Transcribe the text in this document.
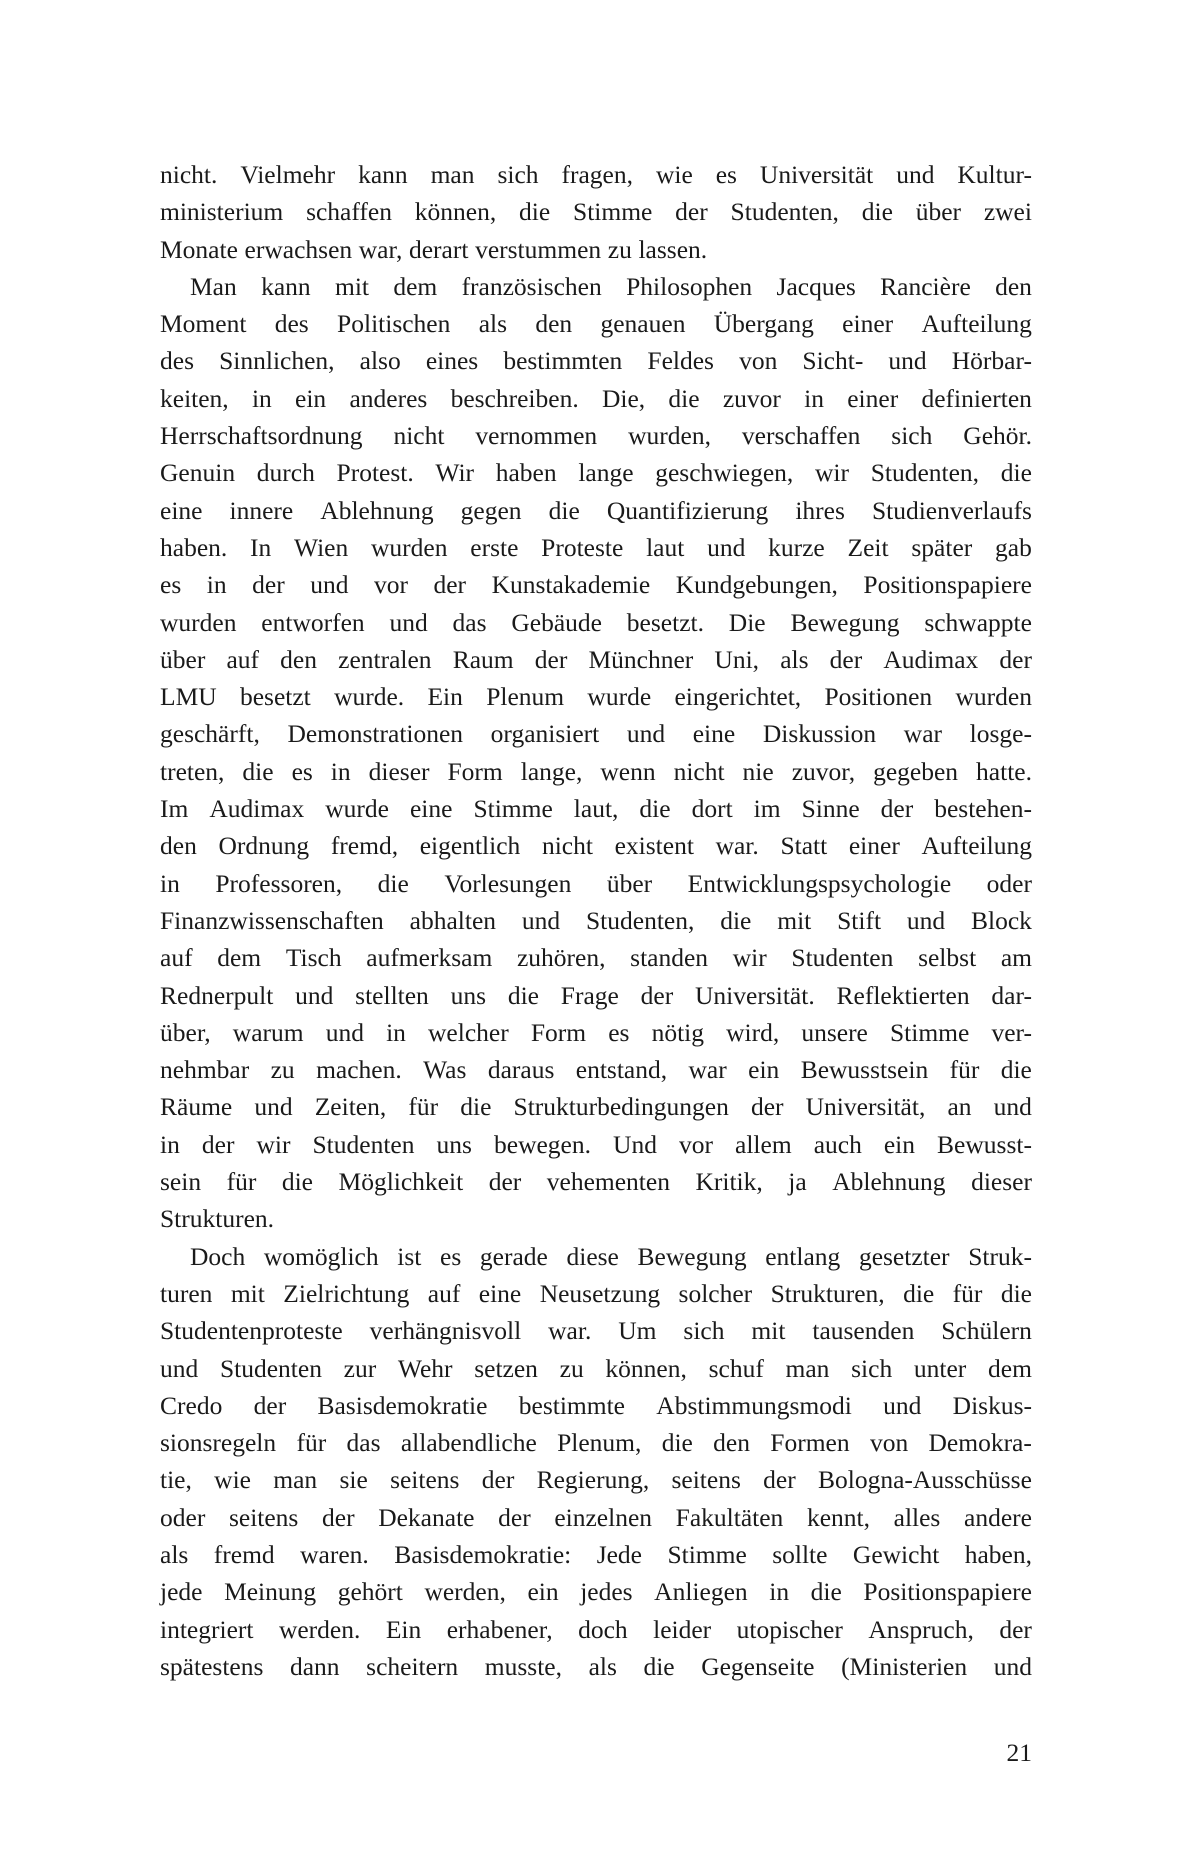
nicht. Vielmehr kann man sich fragen, wie es Universität und Kultur-
ministerium schaffen können, die Stimme der Studenten, die über zwei
Monate erwachsen war, derart verstummen zu lassen.
Man kann mit dem französischen Philosophen Jacques Rancière den
Moment des Politischen als den genauen Übergang einer Aufteilung
des Sinnlichen, also eines bestimmten Feldes von Sicht- und Hörbar-
keiten, in ein anderes beschreiben. Die, die zuvor in einer definierten
Herrschaftsordnung nicht vernommen wurden, verschaffen sich Gehör.
Genuin durch Protest. Wir haben lange geschwiegen, wir Studenten, die
eine innere Ablehnung gegen die Quantifizierung ihres Studienverlaufs
haben. In Wien wurden erste Proteste laut und kurze Zeit später gab
es in der und vor der Kunstakademie Kundgebungen, Positionspapiere
wurden entworfen und das Gebäude besetzt. Die Bewegung schwappte
über auf den zentralen Raum der Münchner Uni, als der Audimax der
LMU besetzt wurde. Ein Plenum wurde eingerichtet, Positionen wurden
geschärft, Demonstrationen organisiert und eine Diskussion war losge-
treten, die es in dieser Form lange, wenn nicht nie zuvor, gegeben hatte.
Im Audimax wurde eine Stimme laut, die dort im Sinne der bestehen-
den Ordnung fremd, eigentlich nicht existent war. Statt einer Aufteilung
in Professoren, die Vorlesungen über Entwicklungspsychologie oder
Finanzwissenschaften abhalten und Studenten, die mit Stift und Block
auf dem Tisch aufmerksam zuhören, standen wir Studenten selbst am
Rednerpult und stellten uns die Frage der Universität. Reflektierten dar-
über, warum und in welcher Form es nötig wird, unsere Stimme ver-
nehmbar zu machen. Was daraus entstand, war ein Bewusstsein für die
Räume und Zeiten, für die Strukturbedingungen der Universität, an und
in der wir Studenten uns bewegen. Und vor allem auch ein Bewusst-
sein für die Möglichkeit der vehementen Kritik, ja Ablehnung dieser
Strukturen.
Doch womöglich ist es gerade diese Bewegung entlang gesetzter Struk-
turen mit Zielrichtung auf eine Neusetzung solcher Strukturen, die für die
Studentenproteste verhängnisvoll war. Um sich mit tausenden Schülern
und Studenten zur Wehr setzen zu können, schuf man sich unter dem
Credo der Basisdemokratie bestimmte Abstimmungsmodi und Diskus-
sionsregeln für das allabendliche Plenum, die den Formen von Demokra-
tie, wie man sie seitens der Regierung, seitens der Bologna-Ausschüsse
oder seitens der Dekanate der einzelnen Fakultäten kennt, alles andere
als fremd waren. Basisdemokratie: Jede Stimme sollte Gewicht haben,
jede Meinung gehört werden, ein jedes Anliegen in die Positionspapiere
integriert werden. Ein erhabener, doch leider utopischer Anspruch, der
spätestens dann scheitern musste, als die Gegenseite (Ministerien und
21
